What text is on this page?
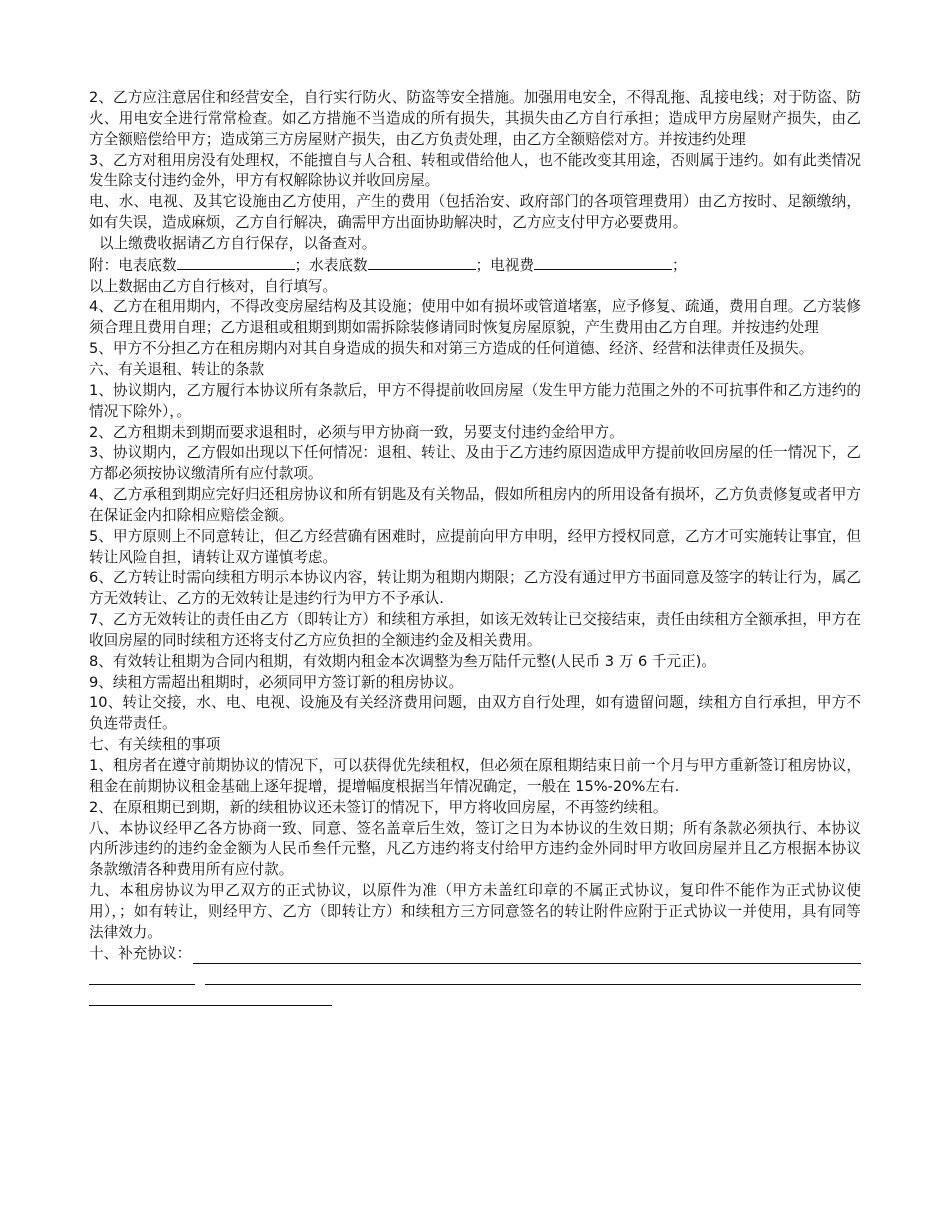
2、乙方应注意居住和经营安全，自行实行防火、防盗等安全措施。加强用电安全，不得乱拖、乱接电线；对于防盗、防火、用电安全进行常常检查。如乙方措施不当造成的所有损失，其损失由乙方自行承担；造成甲方房屋财产损失，由乙方全额赔偿给甲方；造成第三方房屋财产损失，由乙方负责处理，由乙方全额赔偿对方。并按违约处理

3、乙方对租用房没有处理权，不能擅自与人合租、转租或借给他人，也不能改变其用途，否则属于违约。如有此类情况发生除支付违约金外，甲方有权解除协议并收回房屋。

电、水、电视、及其它设施由乙方使用，产生的费用（包括治安、政府部门的各项管理费用）由乙方按时、足额缴纳，如有失误，造成麻烦，乙方自行解决，确需甲方出面协助解决时，乙方应支付甲方必要费用。

以上缴费收据请乙方自行保存，以备查对。

附：电表底数	；水表底数	；电视费	；

以上数据由乙方自行核对，自行填写。

4、乙方在租用期内，不得改变房屋结构及其设施；使用中如有损坏或管道堵塞，应予修复、疏通，费用自理。乙方装修须合理且费用自理；乙方退租或租期到期如需拆除装修请同时恢复房屋原貌，产生费用由乙方自理。并按违约处理

5、甲方不分担乙方在租房期内对其自身造成的损失和对第三方造成的任何道德、经济、经营和法律责任及损失。

六、有关退租、转让的条款

1、协议期内，乙方履行本协议所有条款后，甲方不得提前收回房屋（发生甲方能力范围之外的不可抗事件和乙方违约的情况下除外），。

2、乙方租期未到期而要求退租时，必须与甲方协商一致，另要支付违约金给甲方。

3、协议期内，乙方假如出现以下任何情况：退租、转让、及由于乙方违约原因造成甲方提前收回房屋的任一情况下，乙方都必须按协议缴清所有应付款项。

4、乙方承租到期应完好归还租房协议和所有钥匙及有关物品，假如所租房内的所用设备有损坏，乙方负责修复或者甲方在保证金内扣除相应赔偿金额。

5、甲方原则上不同意转让，但乙方经营确有困难时，应提前向甲方申明，经甲方授权同意，乙方才可实施转让事宜，但转让风险自担，请转让双方谨慎考虑。

6、乙方转让时需向续租方明示本协议内容，转让期为租期内期限；乙方没有通过甲方书面同意及签字的转让行为，属乙方无效转让、乙方的无效转让是违约行为甲方不予承认.

7、乙方无效转让的责任由乙方（即转让方）和续租方承担，如该无效转让已交接结束，责任由续租方全额承担，甲方在收回房屋的同时续租方还将支付乙方应负担的全额违约金及相关费用。

8、有效转让租期为合同内租期，有效期内租金本次调整为叁万陆仟元整(人民币 3 万 6 千元正)。

9、续租方需超出租期时，必须同甲方签订新的租房协议。

10、转让交接，水、电、电视、设施及有关经济费用问题，由双方自行处理，如有遗留问题，续租方自行承担，甲方不负连带责任。

七、有关续租的事项

1、租房者在遵守前期协议的情况下，可以获得优先续租权，但必须在原租期结束日前一个月与甲方重新签订租房协议，租金在前期协议租金基础上逐年捉增，提增幅度根据当年情况确定，一般在 15%-20%左右.

2、在原租期已到期，新的续租协议还未签订的情况下，甲方将收回房屋，不再签约续租。

八、本协议经甲乙各方协商一致、同意、签名盖章后生效，签订之日为本协议的生效日期；所有条款必须执行、本协议内所涉违约的违约金金额为人民币叁仟元整，凡乙方违约将支付给甲方违约金外同时甲方收回房屋并且乙方根据本协议条款缴清各种费用所有应付款。

九、本租房协议为甲乙双方的正式协议，以原件为准（甲方未盖红印章的不属正式协议，复印件不能作为正式协议使用），；如有转让，则经甲方、乙方（即转让方）和续租方三方同意签名的转让附件应附于正式协议一并使用，具有同等法律效力。

十、补充协议：
